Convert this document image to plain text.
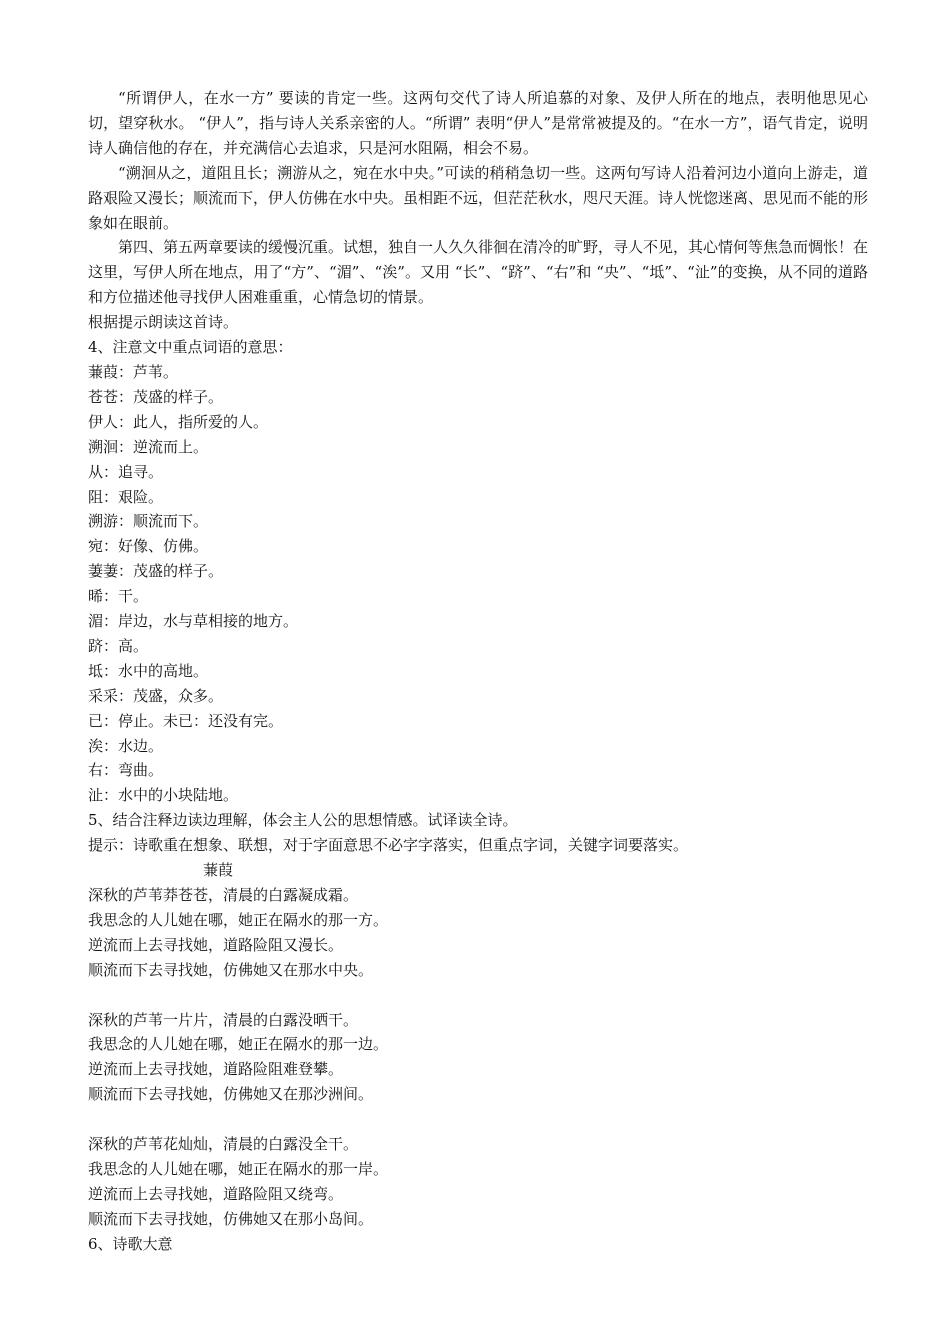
“所谓伊人，在水一方” 要读的肯定一些。这两句交代了诗人所追慕的对象、及伊人所在的地点，表明他思见心切，望穿秋水。 “伊人”，指与诗人关系亲密的人。“所谓” 表明“伊人”是常常被提及的。“在水一方”，语气肯定，说明诗人确信他的存在，并充满信心去追求，只是河水阻隔，相会不易。

“溯洄从之，道阻且长；溯游从之，宛在水中央。”可读的稍稍急切一些。这两句写诗人沿着河边小道向上游走，道路艰险又漫长；顺流而下，伊人仿佛在水中央。虽相距不远，但茫茫秋水，咫尺天涯。诗人恍惚迷离、思见而不能的形象如在眼前。

第四、第五两章要读的缓慢沉重。试想，独自一人久久徘徊在清冷的旷野，寻人不见，其心情何等焦急而惆怅！在这里，写伊人所在地点，用了“方”、“湄”、“涘”。又用 “长”、“跻”、“右”和 “央”、“坻”、“沚”的变换，从不同的道路和方位描述他寻找伊人困难重重，心情急切的情景。

根据提示朗读这首诗。

4、注意文中重点词语的意思：

蒹葭：芦苇。

苍苍：茂盛的样子。

伊人：此人，指所爱的人。

溯洄：逆流而上。

从：追寻。

阻：艰险。

溯游：顺流而下。

宛：好像、仿佛。

萋萋：茂盛的样子。

晞：干。

湄：岸边，水与草相接的地方。

跻：高。

坻：水中的高地。

采采：茂盛，众多。

已：停止。未已：还没有完。

涘：水边。

右：弯曲。

沚：水中的小块陆地。

5、结合注释边读边理解，体会主人公的思想情感。试译读全诗。

提示：诗歌重在想象、联想，对于字面意思不必字字落实，但重点字词，关键字词要落实。

蒹葭

深秋的芦苇莽苍苍，清晨的白露凝成霜。

我思念的人儿她在哪，她正在隔水的那一方。

逆流而上去寻找她，道路险阻又漫长。

顺流而下去寻找她，仿佛她又在那水中央。

深秋的芦苇一片片，清晨的白露没晒干。

我思念的人儿她在哪，她正在隔水的那一边。

逆流而上去寻找她，道路险阻难登攀。

顺流而下去寻找她，仿佛她又在那沙洲间。

深秋的芦苇花灿灿，清晨的白露没全干。

我思念的人儿她在哪，她正在隔水的那一岸。

逆流而上去寻找她，道路险阻又绕弯。

顺流而下去寻找她，仿佛她又在那小岛间。

6、诗歌大意
